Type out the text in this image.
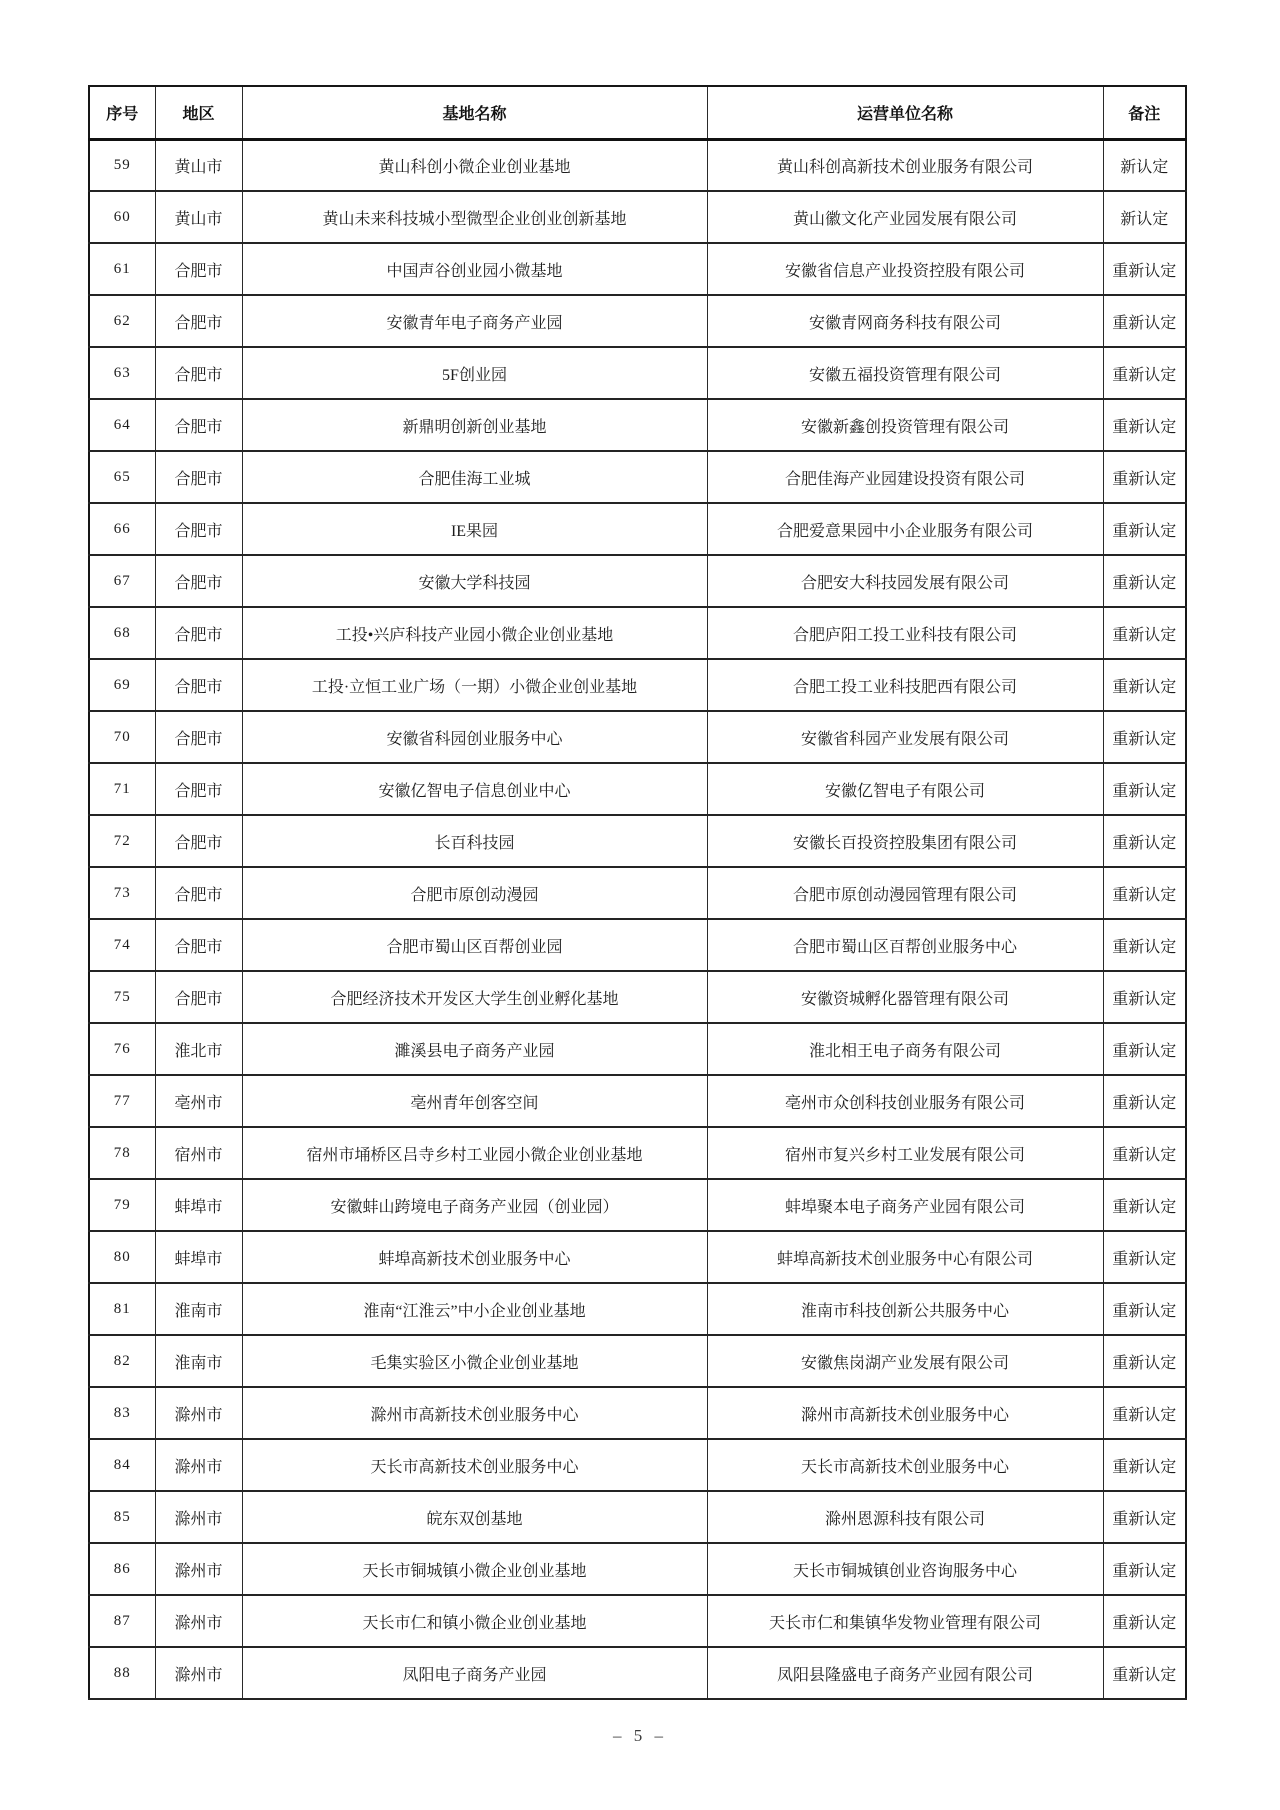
序号	地区	基地名称	运营单位名称	备注
59	黄山市	黄山科创小微企业创业基地	黄山科创高新技术创业服务有限公司	新认定
60	黄山市	黄山未来科技城小型微型企业创业创新基地	黄山徽文化产业园发展有限公司	新认定
61	合肥市	中国声谷创业园小微基地	安徽省信息产业投资控股有限公司	重新认定
62	合肥市	安徽青年电子商务产业园	安徽青网商务科技有限公司	重新认定
63	合肥市	5F创业园	安徽五福投资管理有限公司	重新认定
64	合肥市	新鼎明创新创业基地	安徽新鑫创投资管理有限公司	重新认定
65	合肥市	合肥佳海工业城	合肥佳海产业园建设投资有限公司	重新认定
66	合肥市	IE果园	合肥爱意果园中小企业服务有限公司	重新认定
67	合肥市	安徽大学科技园	合肥安大科技园发展有限公司	重新认定
68	合肥市	工投•兴庐科技产业园小微企业创业基地	合肥庐阳工投工业科技有限公司	重新认定
69	合肥市	工投·立恒工业广场（一期）小微企业创业基地	合肥工投工业科技肥西有限公司	重新认定
70	合肥市	安徽省科园创业服务中心	安徽省科园产业发展有限公司	重新认定
71	合肥市	安徽亿智电子信息创业中心	安徽亿智电子有限公司	重新认定
72	合肥市	长百科技园	安徽长百投资控股集团有限公司	重新认定
73	合肥市	合肥市原创动漫园	合肥市原创动漫园管理有限公司	重新认定
74	合肥市	合肥市蜀山区百帮创业园	合肥市蜀山区百帮创业服务中心	重新认定
75	合肥市	合肥经济技术开发区大学生创业孵化基地	安徽资城孵化器管理有限公司	重新认定
76	淮北市	濉溪县电子商务产业园	淮北相王电子商务有限公司	重新认定
77	亳州市	亳州青年创客空间	亳州市众创科技创业服务有限公司	重新认定
78	宿州市	宿州市埇桥区吕寺乡村工业园小微企业创业基地	宿州市复兴乡村工业发展有限公司	重新认定
79	蚌埠市	安徽蚌山跨境电子商务产业园（创业园）	蚌埠聚本电子商务产业园有限公司	重新认定
80	蚌埠市	蚌埠高新技术创业服务中心	蚌埠高新技术创业服务中心有限公司	重新认定
81	淮南市	淮南“江淮云”中小企业创业基地	淮南市科技创新公共服务中心	重新认定
82	淮南市	毛集实验区小微企业创业基地	安徽焦岗湖产业发展有限公司	重新认定
83	滁州市	滁州市高新技术创业服务中心	滁州市高新技术创业服务中心	重新认定
84	滁州市	天长市高新技术创业服务中心	天长市高新技术创业服务中心	重新认定
85	滁州市	皖东双创基地	滁州恩源科技有限公司	重新认定
86	滁州市	天长市铜城镇小微企业创业基地	天长市铜城镇创业咨询服务中心	重新认定
87	滁州市	天长市仁和镇小微企业创业基地	天长市仁和集镇华发物业管理有限公司	重新认定
88	滁州市	凤阳电子商务产业园	凤阳县隆盛电子商务产业园有限公司	重新认定
– 5 –
